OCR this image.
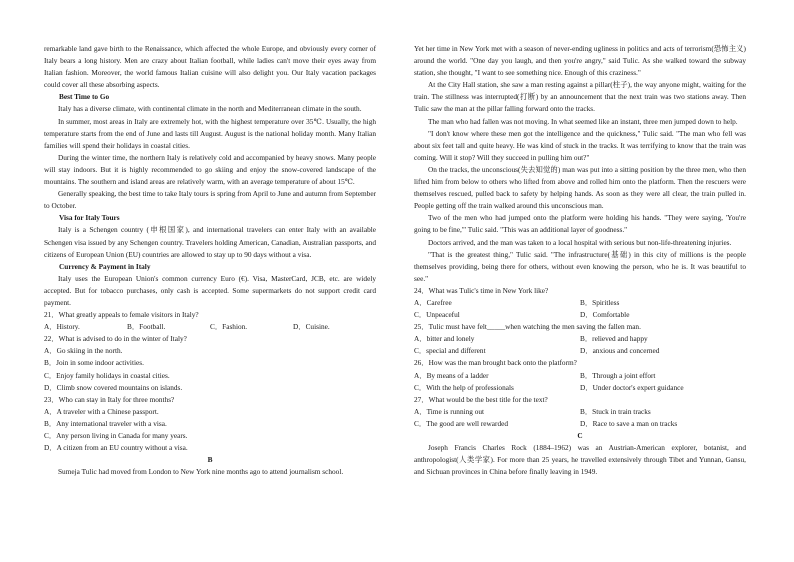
remarkable land gave birth to the Renaissance, which affected the whole Europe, and obviously every corner of Italy bears a long history. Men are crazy about Italian football, while ladies can't move their eyes away from Italian fashion. Moreover, the world famous Italian cuisine will also delight you. Our Italy vacation packages could cover all these absorbing aspects.

Best Time to Go

Italy has a diverse climate, with continental climate in the north and Mediterranean climate in the south.

In summer, most areas in Italy are extremely hot, with the highest temperature over 35℃. Usually, the high temperature starts from the end of June and lasts till August. August is the national holiday month. Many Italian families will spend their holidays in coastal cities.

During the winter time, the northern Italy is relatively cold and accompanied by heavy snows. Many people will stay indoors. But it is highly recommended to go skiing and enjoy the snow-covered landscape of the mountains. The southern and island areas are relatively warm, with an average temperature of about 15℃.

Generally speaking, the best time to take Italy tours is spring from April to June and autumn from September to October.

Visa for Italy Tours

Italy is a Schengen country (申根国家), and international travelers can enter Italy with an available Schengen visa issued by any Schengen country. Travelers holding American, Canadian, Australian passports, and citizens of European Union (EU) countries are allowed to stay up to 90 days without a visa.

Currency & Payment in Italy

Italy uses the European Union's common currency Euro (€). Visa, MasterCard, JCB, etc. are widely accepted. But for tobacco purchases, only cash is accepted. Some supermarkets do not support credit card payment.

21．What greatly appeals to female visitors in Italy?

A．History.	B．Football.	C．Fashion.	D．Cuisine.

22．What is advised to do in the winter of Italy?

A．Go skiing in the north.

B．Join in some indoor activities.

C．Enjoy family holidays in coastal cities.

D．Climb snow covered mountains on islands.

23．Who can stay in Italy for three months?

A．A traveler with a Chinese passport.

B．Any international traveler with a visa.

C．Any person living in Canada for many years.

D．A citizen from an EU country without a visa.

B

Sumeja Tulic had moved from London to New York nine months ago to attend journalism school.

Yet her time in New York met with a season of never-ending ugliness in politics and acts of terrorism(恐怖主义) around the world. "One day you laugh, and then you're angry," said Tulic. As she walked toward the subway station, she thought, "I want to see something nice. Enough of this craziness."

At the City Hall station, she saw a man resting against a pillar(柱子), the way anyone might, waiting for the train. The stillness was interrupted(打断) by an announcement that the next train was two stations away. Then Tulic saw the man at the pillar falling forward onto the tracks.

The man who had fallen was not moving. In what seemed like an instant, three men jumped down to help.

"I don't know where these men got the intelligence and the quickness," Tulic said. "The man who fell was about six feet tall and quite heavy. He was kind of stuck in the tracks. It was terrifying to know that the train was coming. Will it stop? Will they succeed in pulling him out?"

On the tracks, the unconscious(失去知觉的) man was put into a sitting position by the three men, who then lifted him from below to others who lifted from above and rolled him onto the platform. Then the rescuers were themselves rescued, pulled back to safety by helping hands. As soon as they were all clear, the train pulled in. People getting off the train walked around this unconscious man.

Two of the men who had jumped onto the platform were holding his hands. "They were saying, 'You're going to be fine,'" Tulic said. "This was an additional layer of goodness."

Doctors arrived, and the man was taken to a local hospital with serious but non-life-threatening injuries.

"That is the greatest thing," Tulic said. "The infrastructure(基础) in this city of millions is the people themselves providing, being there for others, without even knowing the person, who he is. It was beautiful to see."

24．What was Tulic's time in New York like?

A．Carefree	B．Spiritless
C．Unpeaceful	D．Comfortable

25．Tulic must have felt_____when watching the men saving the fallen man.

A．bitter and lonely	B．relieved and happy
C．special and different	D．anxious and concerned

26．How was the man brought back onto the platform?

A．By means of a ladder	B．Through a joint effort
C．With the help of professionals	D．Under doctor's expert guidance

27．What would be the best title for the text?

A．Time is running out	B．Stuck in train tracks
C．The good are well rewarded	D．Race to save a man on tracks

C

Joseph Francis Charles Rock (1884–1962) was an Austrian-American explorer, botanist, and anthropologist(人类学家). For more than 25 years, he travelled extensively through Tibet and Yunnan, Gansu, and Sichuan provinces in China before finally leaving in 1949.
